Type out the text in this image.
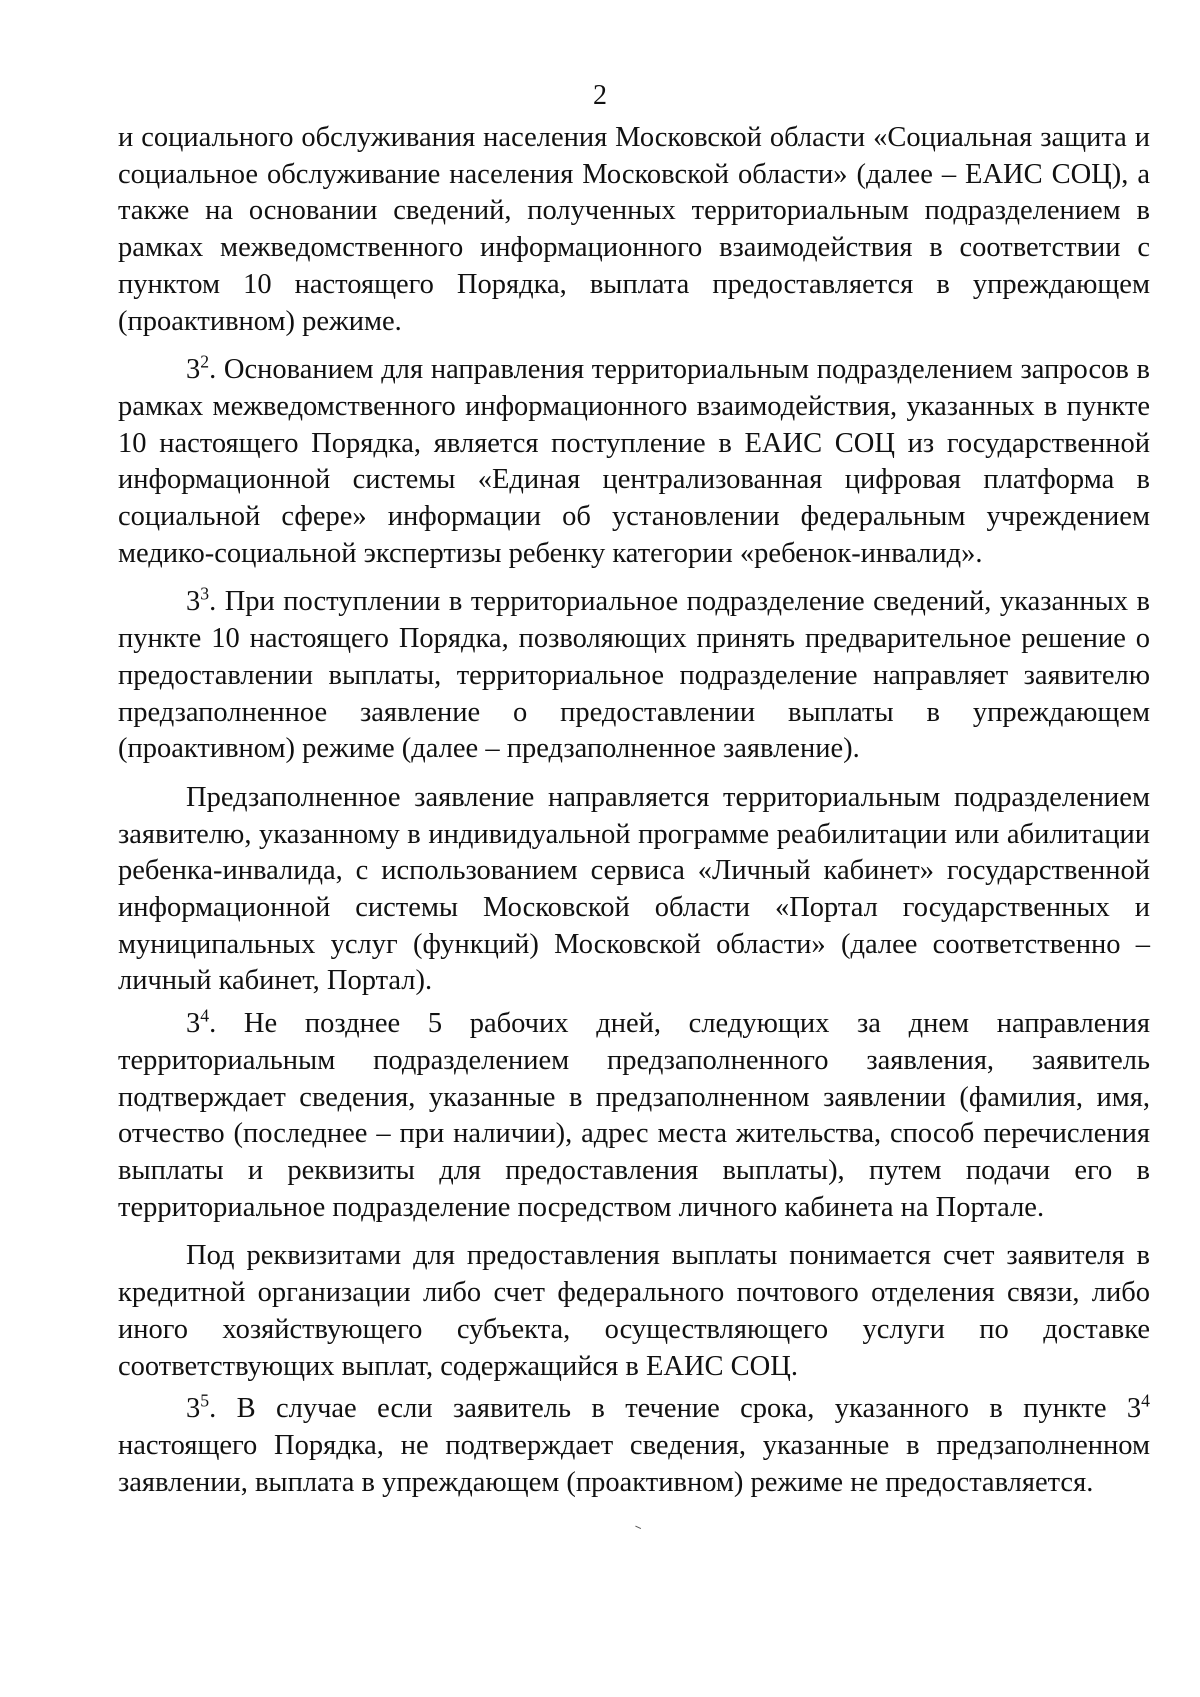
2

и социального обслуживания населения Московской области «Социальная защита и социальное обслуживание населения Московской области» (далее – ЕАИС СОЦ), а также на основании сведений, полученных территориальным подразделением в рамках межведомственного информационного взаимодействия в соответствии с пунктом 10 настоящего Порядка, выплата предоставляется в упреждающем (проактивном) режиме.

$3^2$. Основанием для направления территориальным подразделением запросов в рамках межведомственного информационного взаимодействия, указанных в пункте 10 настоящего Порядка, является поступление в ЕАИС СОЦ из государственной информационной системы «Единая централизованная цифровая платформа в социальной сфере» информации об установлении федеральным учреждением медико-социальной экспертизы ребенку категории «ребенок-инвалид».

$3^3$. При поступлении в территориальное подразделение сведений, указанных в пункте 10 настоящего Порядка, позволяющих принять предварительное решение о предоставлении выплаты, территориальное подразделение направляет заявителю предзаполненное заявление о предоставлении выплаты в упреждающем (проактивном) режиме (далее – предзаполненное заявление).

Предзаполненное заявление направляется территориальным подразделением заявителю, указанному в индивидуальной программе реабилитации или абилитации ребенка-инвалида, с использованием сервиса «Личный кабинет» государственной информационной системы Московской области «Портал государственных и муниципальных услуг (функций) Московской области» (далее соответственно – личный кабинет, Портал).

$3^4$. Не позднее 5 рабочих дней, следующих за днем направления территориальным подразделением предзаполненного заявления, заявитель подтверждает сведения, указанные в предзаполненном заявлении (фамилия, имя, отчество (последнее – при наличии), адрес места жительства, способ перечисления выплаты и реквизиты для предоставления выплаты), путем подачи его в территориальное подразделение посредством личного кабинета на Портале.

Под реквизитами для предоставления выплаты понимается счет заявителя в кредитной организации либо счет федерального почтового отделения связи, либо иного хозяйствующего субъекта, осуществляющего услуги по доставке соответствующих выплат, содержащийся в ЕАИС СОЦ.

$3^5$. В случае если заявитель в течение срока, указанного в пункте $3^4$ настоящего Порядка, не подтверждает сведения, указанные в предзаполненном заявлении, выплата в упреждающем (проактивном) режиме не предоставляется.
